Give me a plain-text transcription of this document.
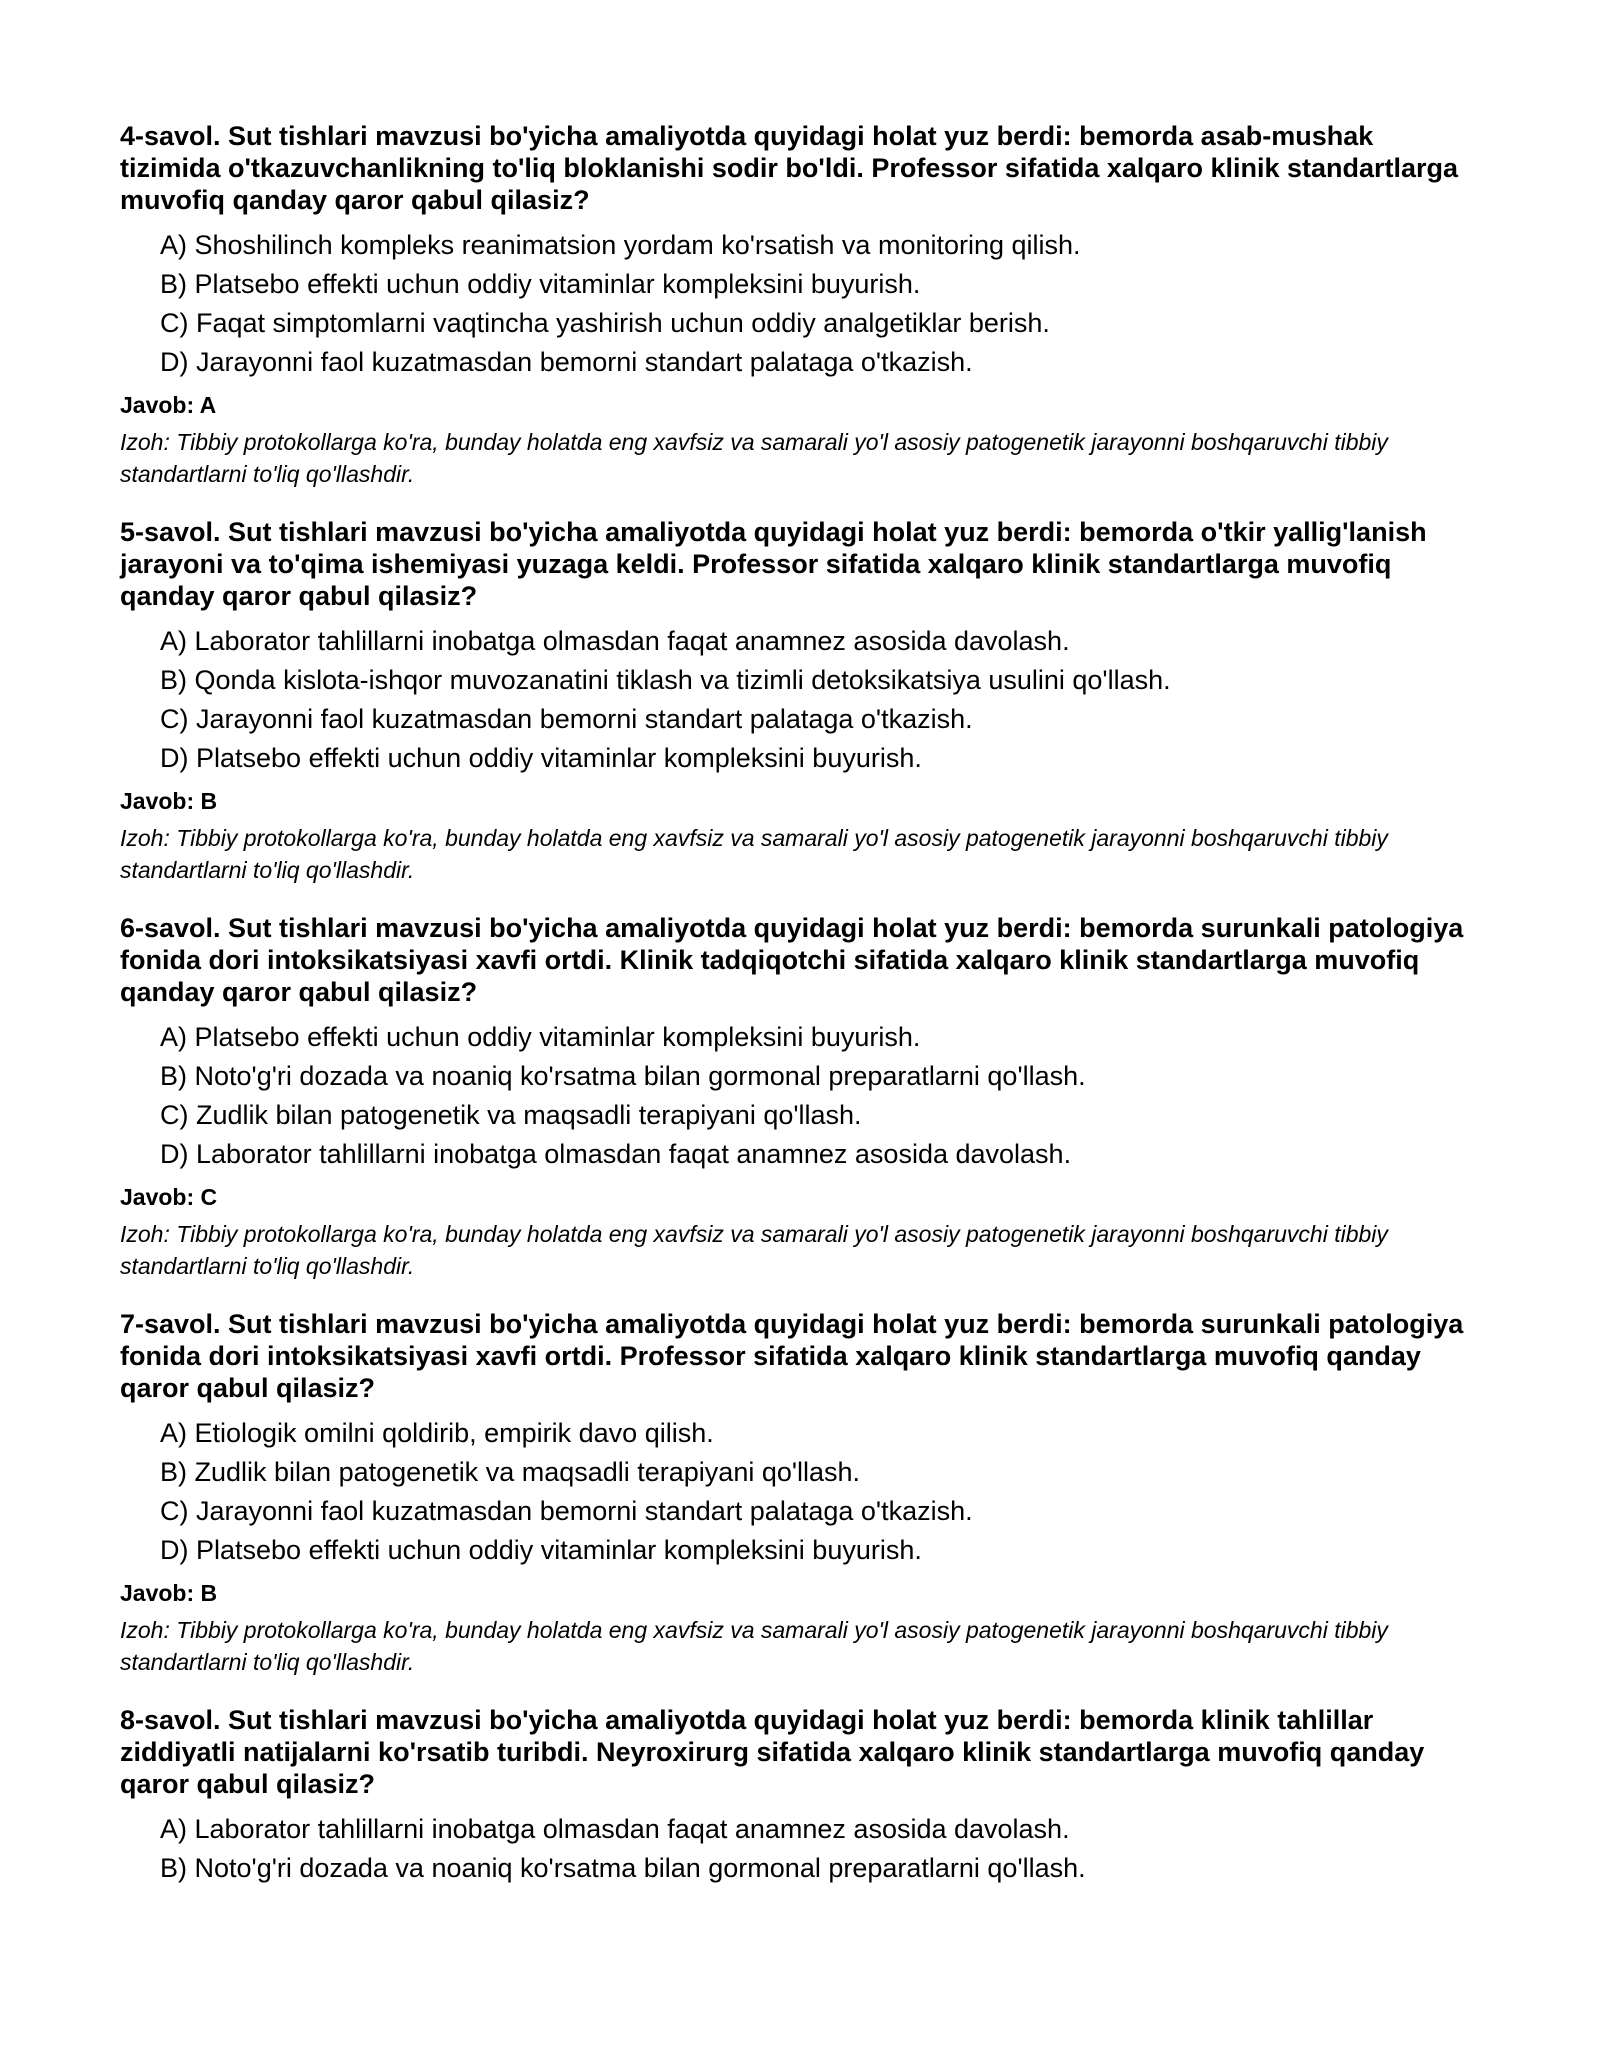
4-savol. Sut tishlari mavzusi bo'yicha amaliyotda quyidagi holat yuz berdi: bemorda asab-mushak tizimida o'tkazuvchanlikning to'liq bloklanishi sodir bo'ldi. Professor sifatida xalqaro klinik standartlarga muvofiq qanday qaror qabul qilasiz?

A) Shoshilinch kompleks reanimatsion yordam ko'rsatish va monitoring qilish.
B) Platsebo effekti uchun oddiy vitaminlar kompleksini buyurish.
C) Faqat simptomlarni vaqtincha yashirish uchun oddiy analgetiklar berish.
D) Jarayonni faol kuzatmasdan bemorni standart palataga o'tkazish.

Javob: A

Izoh: Tibbiy protokollarga ko'ra, bunday holatda eng xavfsiz va samarali yo'l asosiy patogenetik jarayonni boshqaruvchi tibbiy standartlarni to'liq qo'llashdir.

5-savol. Sut tishlari mavzusi bo'yicha amaliyotda quyidagi holat yuz berdi: bemorda o'tkir yallig'lanish jarayoni va to'qima ishemiyasi yuzaga keldi. Professor sifatida xalqaro klinik standartlarga muvofiq qanday qaror qabul qilasiz?

A) Laborator tahlillarni inobatga olmasdan faqat anamnez asosida davolash.
B) Qonda kislota-ishqor muvozanatini tiklash va tizimli detoksikatsiya usulini qo'llash.
C) Jarayonni faol kuzatmasdan bemorni standart palataga o'tkazish.
D) Platsebo effekti uchun oddiy vitaminlar kompleksini buyurish.

Javob: B

Izoh: Tibbiy protokollarga ko'ra, bunday holatda eng xavfsiz va samarali yo'l asosiy patogenetik jarayonni boshqaruvchi tibbiy standartlarni to'liq qo'llashdir.

6-savol. Sut tishlari mavzusi bo'yicha amaliyotda quyidagi holat yuz berdi: bemorda surunkali patologiya fonida dori intoksikatsiyasi xavfi ortdi. Klinik tadqiqotchi sifatida xalqaro klinik standartlarga muvofiq qanday qaror qabul qilasiz?

A) Platsebo effekti uchun oddiy vitaminlar kompleksini buyurish.
B) Noto'g'ri dozada va noaniq ko'rsatma bilan gormonal preparatlarni qo'llash.
C) Zudlik bilan patogenetik va maqsadli terapiyani qo'llash.
D) Laborator tahlillarni inobatga olmasdan faqat anamnez asosida davolash.

Javob: C

Izoh: Tibbiy protokollarga ko'ra, bunday holatda eng xavfsiz va samarali yo'l asosiy patogenetik jarayonni boshqaruvchi tibbiy standartlarni to'liq qo'llashdir.

7-savol. Sut tishlari mavzusi bo'yicha amaliyotda quyidagi holat yuz berdi: bemorda surunkali patologiya fonida dori intoksikatsiyasi xavfi ortdi. Professor sifatida xalqaro klinik standartlarga muvofiq qanday qaror qabul qilasiz?

A) Etiologik omilni qoldirib, empirik davo qilish.
B) Zudlik bilan patogenetik va maqsadli terapiyani qo'llash.
C) Jarayonni faol kuzatmasdan bemorni standart palataga o'tkazish.
D) Platsebo effekti uchun oddiy vitaminlar kompleksini buyurish.

Javob: B

Izoh: Tibbiy protokollarga ko'ra, bunday holatda eng xavfsiz va samarali yo'l asosiy patogenetik jarayonni boshqaruvchi tibbiy standartlarni to'liq qo'llashdir.

8-savol. Sut tishlari mavzusi bo'yicha amaliyotda quyidagi holat yuz berdi: bemorda klinik tahlillar ziddiyatli natijalarni ko'rsatib turibdi. Neyroxirurg sifatida xalqaro klinik standartlarga muvofiq qanday qaror qabul qilasiz?

A) Laborator tahlillarni inobatga olmasdan faqat anamnez asosida davolash.
B) Noto'g'ri dozada va noaniq ko'rsatma bilan gormonal preparatlarni qo'llash.
